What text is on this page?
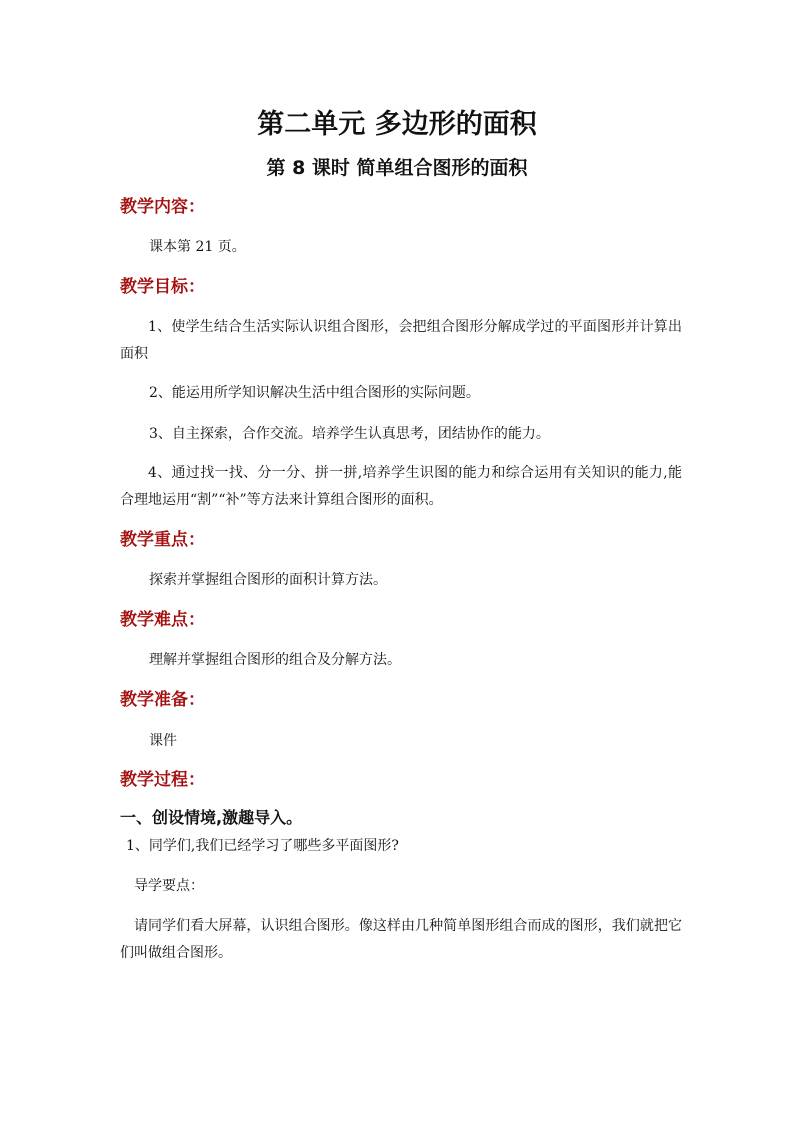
第二单元 多边形的面积
第 8 课时 简单组合图形的面积
教学内容：
课本第 21 页。
教学目标：
1、使学生结合生活实际认识组合图形，会把组合图形分解成学过的平面图形并计算出面积
2、能运用所学知识解决生活中组合图形的实际问题。
3、自主探索，合作交流。培养学生认真思考，团结协作的能力。
4、通过找一找、分一分、拼一拼,培养学生识图的能力和综合运用有关知识的能力,能合理地运用“割”“补”等方法来计算组合图形的面积。
教学重点：
探索并掌握组合图形的面积计算方法。
教学难点：
理解并掌握组合图形的组合及分解方法。
教学准备：
课件
教学过程：
一、创设情境,激趣导入。
1、同学们,我们已经学习了哪些多平面图形?
导学要点：
请同学们看大屏幕，认识组合图形。像这样由几种简单图形组合而成的图形，我们就把它们叫做组合图形。
